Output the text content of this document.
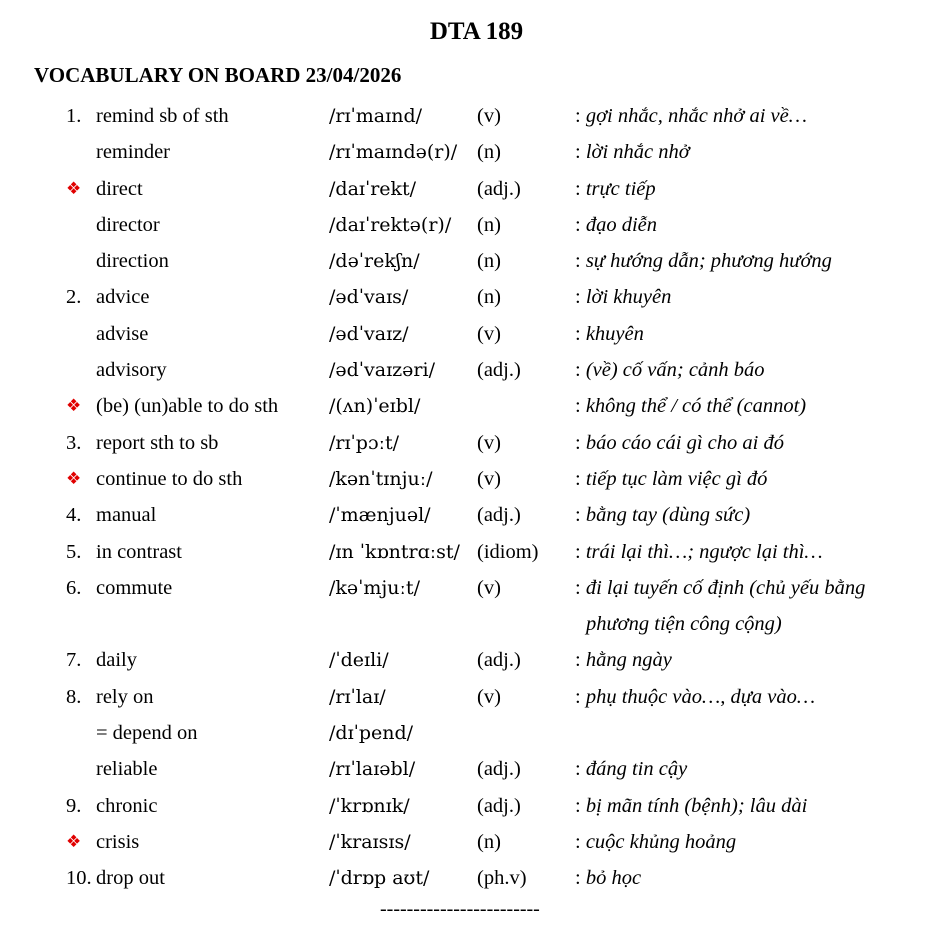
DTA 189
VOCABULARY ON BOARD 23/04/2026
1. remind sb of sth	/rɪˈmaɪnd/	(v)	: gợi nhắc, nhắc nhở ai về…
reminder	/rɪˈmaɪndə(r)/ (n)	: lời nhắc nhở
❖ direct	/daɪˈrekt/	(adj.)	: trực tiếp
director	/daɪˈrektə(r)/ (n)	: đạo diễn
direction	/dəˈrekʃn/	(n)	: sự hướng dẫn; phương hướng
2. advice	/ədˈvaɪs/	(n)	: lời khuyên
advise	/ədˈvaɪz/	(v)	: khuyên
advisory	/ədˈvaɪzəri/ (adj.)	: (về) cố vấn; cảnh báo
❖ (be) (un)able to do sth	/(ʌn)ˈeɪbl/	: không thể / có thể (cannot)
3. report sth to sb	/rɪˈpɔːt/	(v)	: báo cáo cái gì cho ai đó
❖ continue to do sth	/kənˈtɪnjuː/ (v)	: tiếp tục làm việc gì đó
4. manual	/ˈmænjuəl/ (adj.)	: bằng tay (dùng sức)
5. in contrast	/ɪn ˈkɒntrɑːst/ (idiom) : trái lại thì…; ngược lại thì…
6. commute	/kəˈmjuːt/	(v)	: đi lại tuyến cố định (chủ yếu bằng
phương tiện công cộng)
7. daily	/ˈdeɪli/	(adj.)	: hằng ngày
8. rely on	/rɪˈlaɪ/	(v)	: phụ thuộc vào…, dựa vào…
= depend on	/dɪˈpend/
reliable	/rɪˈlaɪəbl/	(adj.)	: đáng tin cậy
9. chronic	/ˈkrɒnɪk/	(adj.)	: bị mãn tính (bệnh); lâu dài
❖ crisis	/ˈkraɪsɪs/	(n)	: cuộc khủng hoảng
10. drop out	/ˈdrɒp aʊt/ (ph.v) : bỏ học
------------------------
